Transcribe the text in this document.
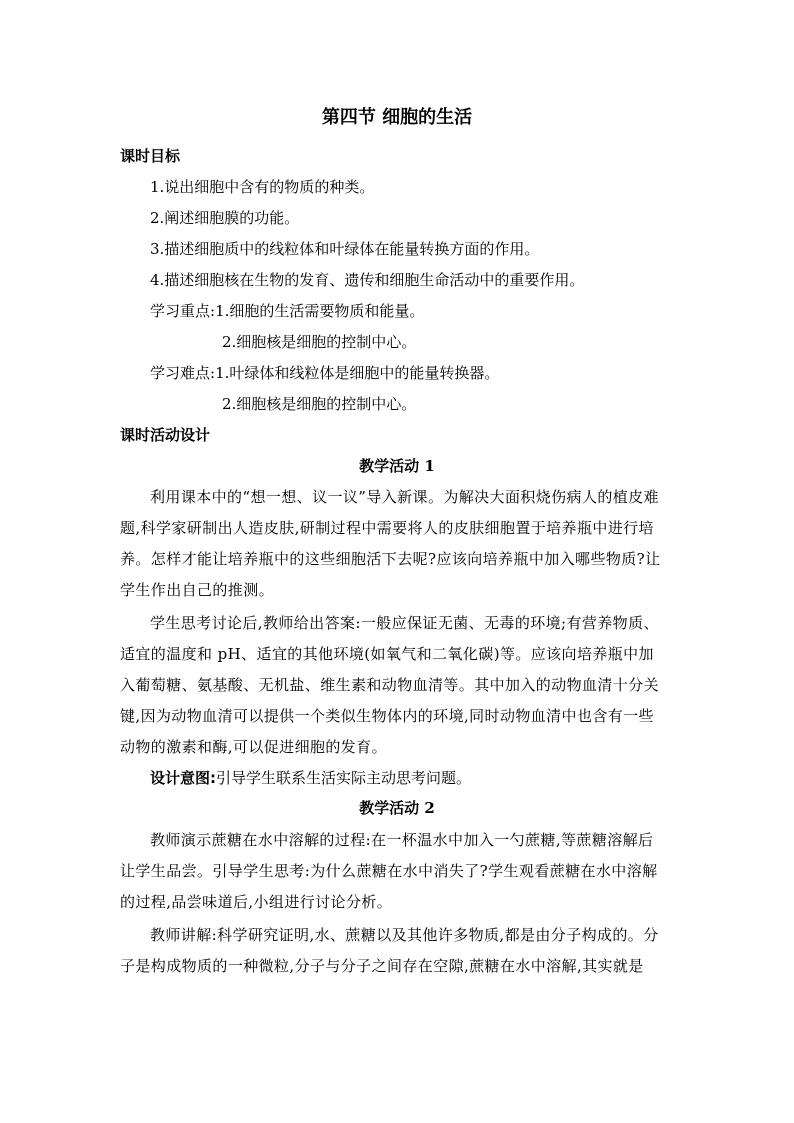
第四节 细胞的生活
课时目标
1.说出细胞中含有的物质的种类。
2.阐述细胞膜的功能。
3.描述细胞质中的线粒体和叶绿体在能量转换方面的作用。
4.描述细胞核在生物的发育、遗传和细胞生命活动中的重要作用。
学习重点:1.细胞的生活需要物质和能量。
2.细胞核是细胞的控制中心。
学习难点:1.叶绿体和线粒体是细胞中的能量转换器。
2.细胞核是细胞的控制中心。
课时活动设计
教学活动 1
利用课本中的“想一想、议一议”导入新课。为解决大面积烧伤病人的植皮难
题,科学家研制出人造皮肤,研制过程中需要将人的皮肤细胞置于培养瓶中进行培
养。怎样才能让培养瓶中的这些细胞活下去呢?应该向培养瓶中加入哪些物质?让
学生作出自己的推测。
学生思考讨论后,教师给出答案:一般应保证无菌、无毒的环境;有营养物质、
适宜的温度和 pH、适宜的其他环境(如氧气和二氧化碳)等。应该向培养瓶中加
入葡萄糖、氨基酸、无机盐、维生素和动物血清等。其中加入的动物血清十分关
键,因为动物血清可以提供一个类似生物体内的环境,同时动物血清中也含有一些
动物的激素和酶,可以促进细胞的发育。
设计意图:引导学生联系生活实际主动思考问题。
教学活动 2
教师演示蔗糖在水中溶解的过程:在一杯温水中加入一勺蔗糖,等蔗糖溶解后
让学生品尝。引导学生思考:为什么蔗糖在水中消失了?学生观看蔗糖在水中溶解
的过程,品尝味道后,小组进行讨论分析。
教师讲解:科学研究证明,水、蔗糖以及其他许多物质,都是由分子构成的。分
子是构成物质的一种微粒,分子与分子之间存在空隙,蔗糖在水中溶解,其实就是
